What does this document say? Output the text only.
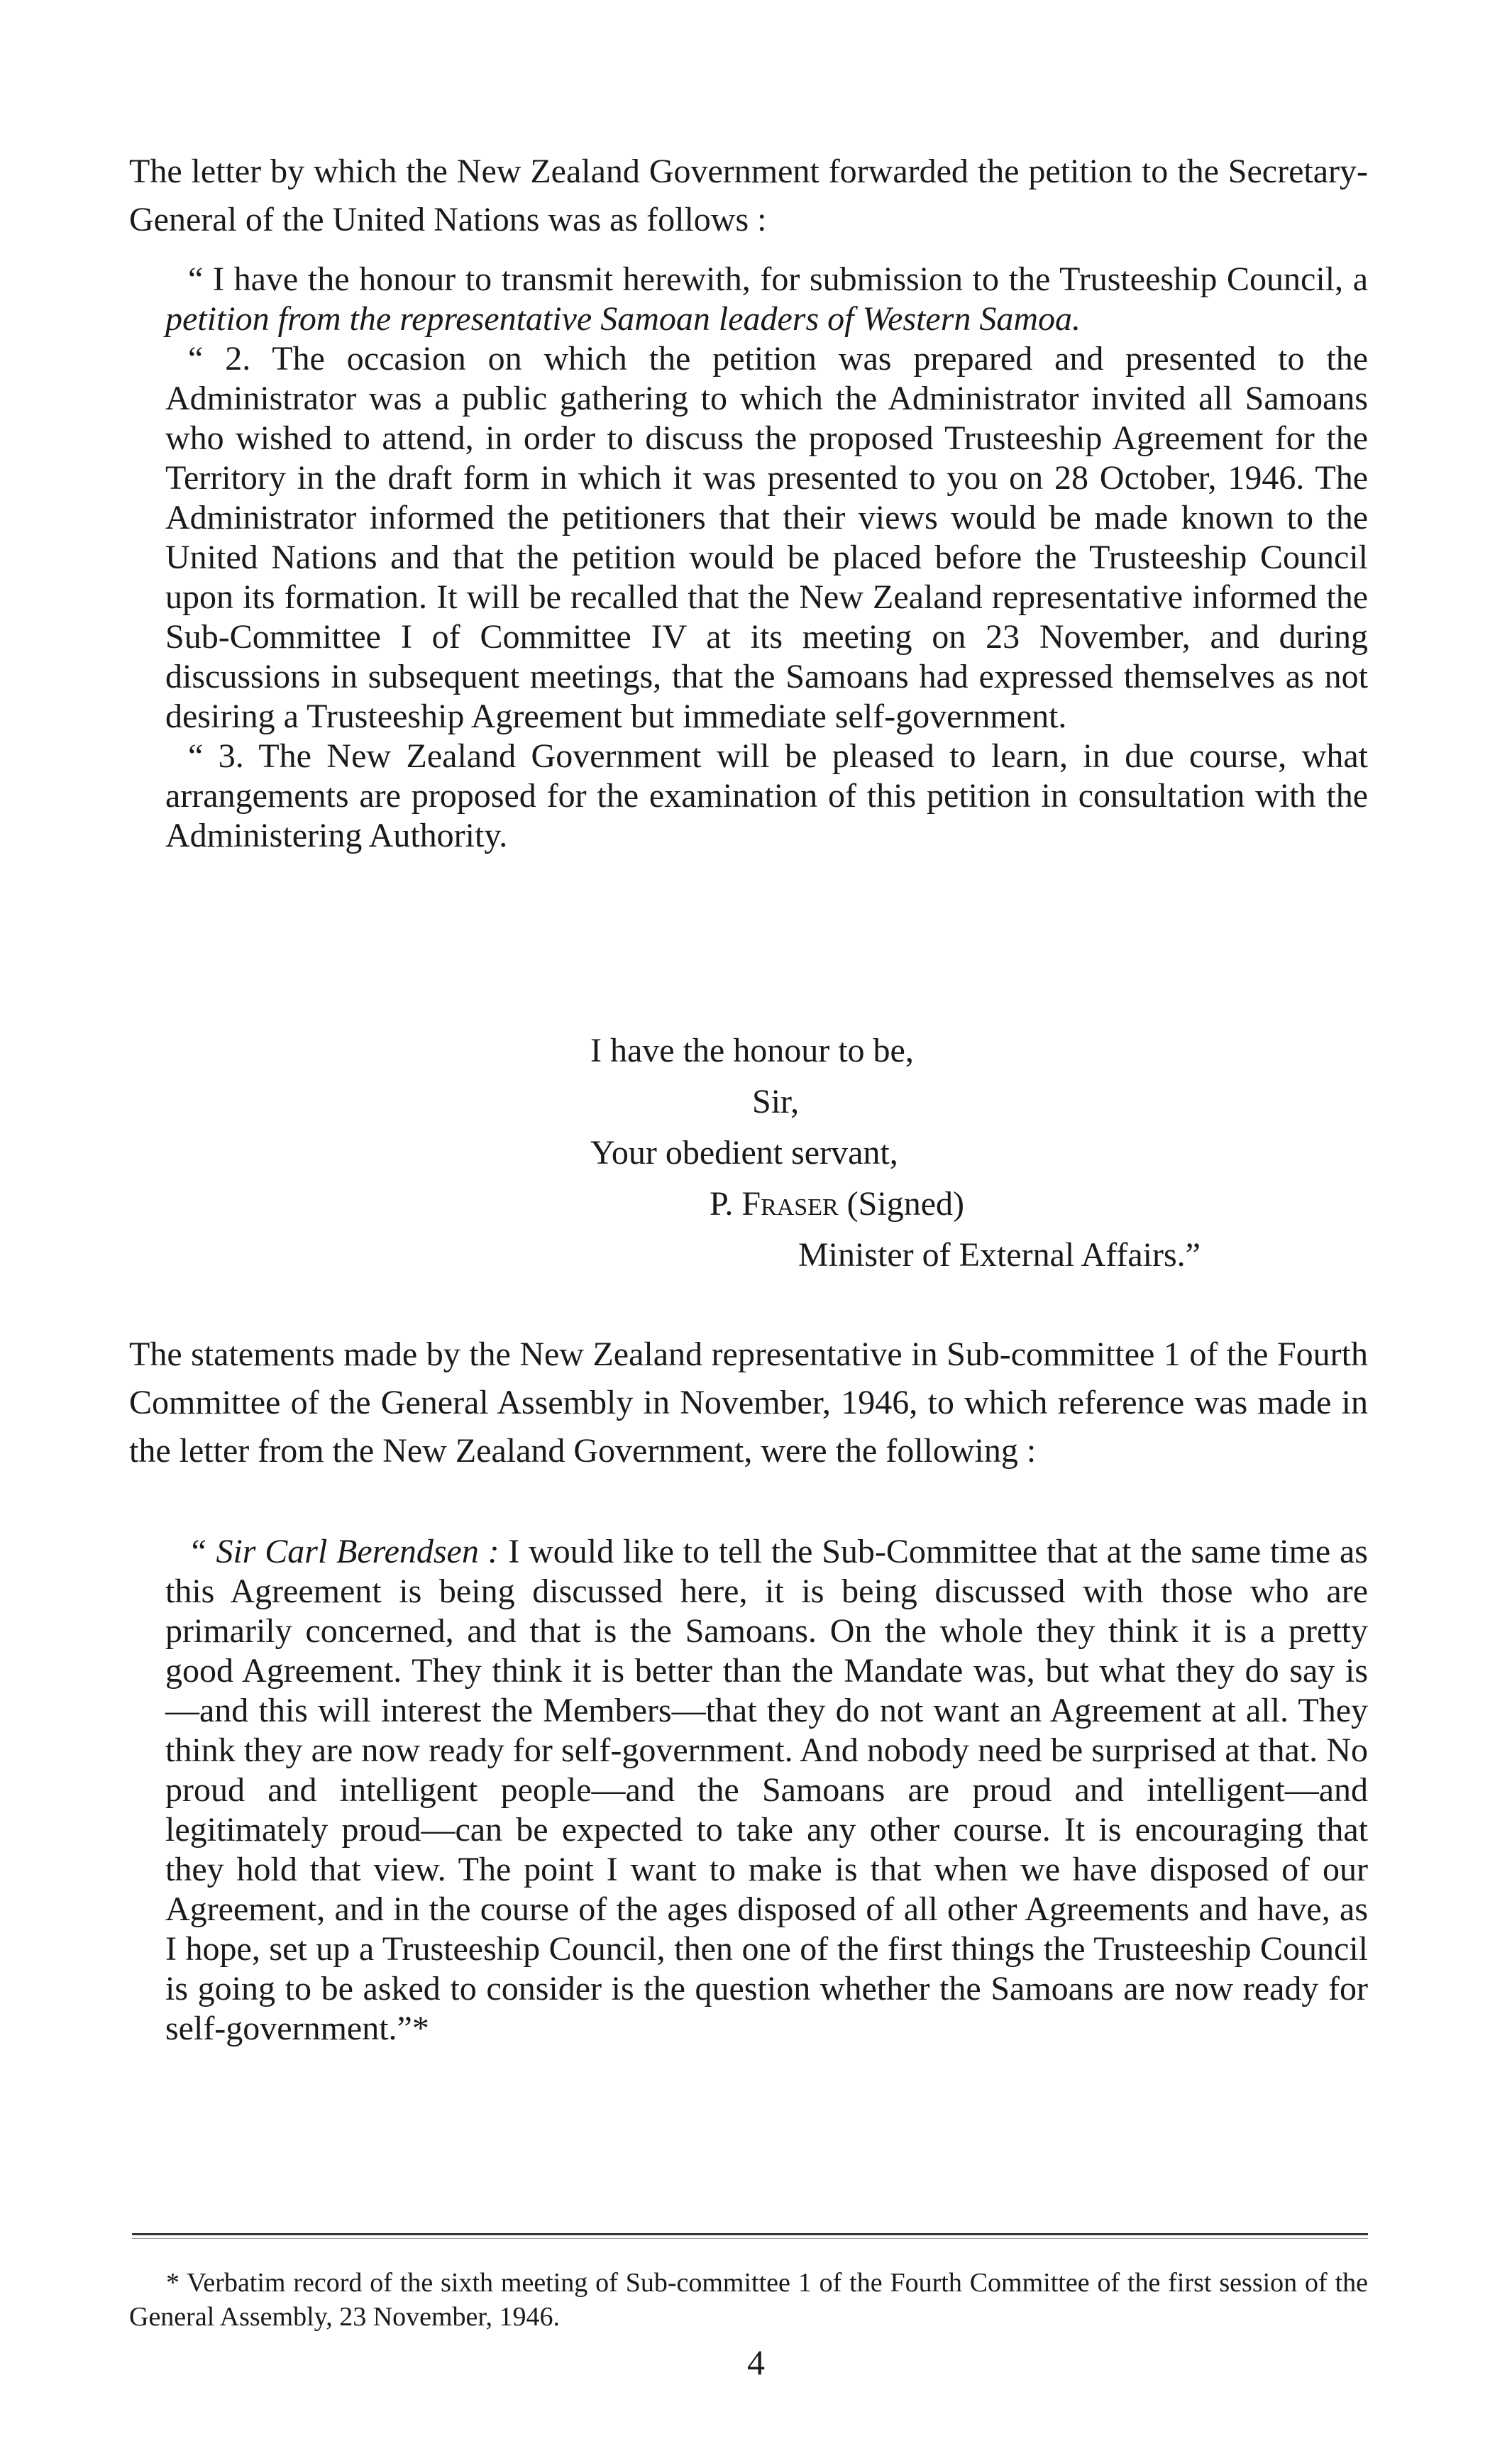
The letter by which the New Zealand Government forwarded the petition to the Secretary-General of the United Nations was as follows :

“ I have the honour to transmit herewith, for submission to the Trusteeship Council, a petition from the representative Samoan leaders of Western Samoa.

“ 2. The occasion on which the petition was prepared and presented to the Administrator was a public gathering to which the Administrator invited all Samoans who wished to attend, in order to discuss the proposed Trusteeship Agreement for the Territory in the draft form in which it was presented to you on 28 October, 1946. The Administrator informed the petitioners that their views would be made known to the United Nations and that the petition would be placed before the Trusteeship Council upon its formation. It will be recalled that the New Zealand representative informed the Sub-Committee I of Committee IV at its meeting on 23 November, and during discussions in subsequent meetings, that the Samoans had expressed themselves as not desiring a Trusteeship Agreement but immediate self-government.

“ 3. The New Zealand Government will be pleased to learn, in due course, what arrangements are proposed for the examination of this petition in consultation with the Administering Authority.

I have the honour to be,
Sir,
Your obedient servant,
P. Fraser (Signed)
Minister of External Affairs.”

The statements made by the New Zealand representative in Sub-committee 1 of the Fourth Committee of the General Assembly in November, 1946, to which reference was made in the letter from the New Zealand Government, were the following :

“ Sir Carl Berendsen : I would like to tell the Sub-Committee that at the same time as this Agreement is being discussed here, it is being discussed with those who are primarily concerned, and that is the Samoans. On the whole they think it is a pretty good Agreement. They think it is better than the Mandate was, but what they do say is—and this will interest the Members—that they do not want an Agreement at all. They think they are now ready for self-government. And nobody need be surprised at that. No proud and intelligent people—and the Samoans are proud and intelligent—and legitimately proud—can be expected to take any other course. It is encouraging that they hold that view. The point I want to make is that when we have disposed of our Agreement, and in the course of the ages disposed of all other Agreements and have, as I hope, set up a Trusteeship Council, then one of the first things the Trusteeship Council is going to be asked to consider is the question whether the Samoans are now ready for self-government.”*

* Verbatim record of the sixth meeting of Sub-committee 1 of the Fourth Committee of the first session of the General Assembly, 23 November, 1946.

4
